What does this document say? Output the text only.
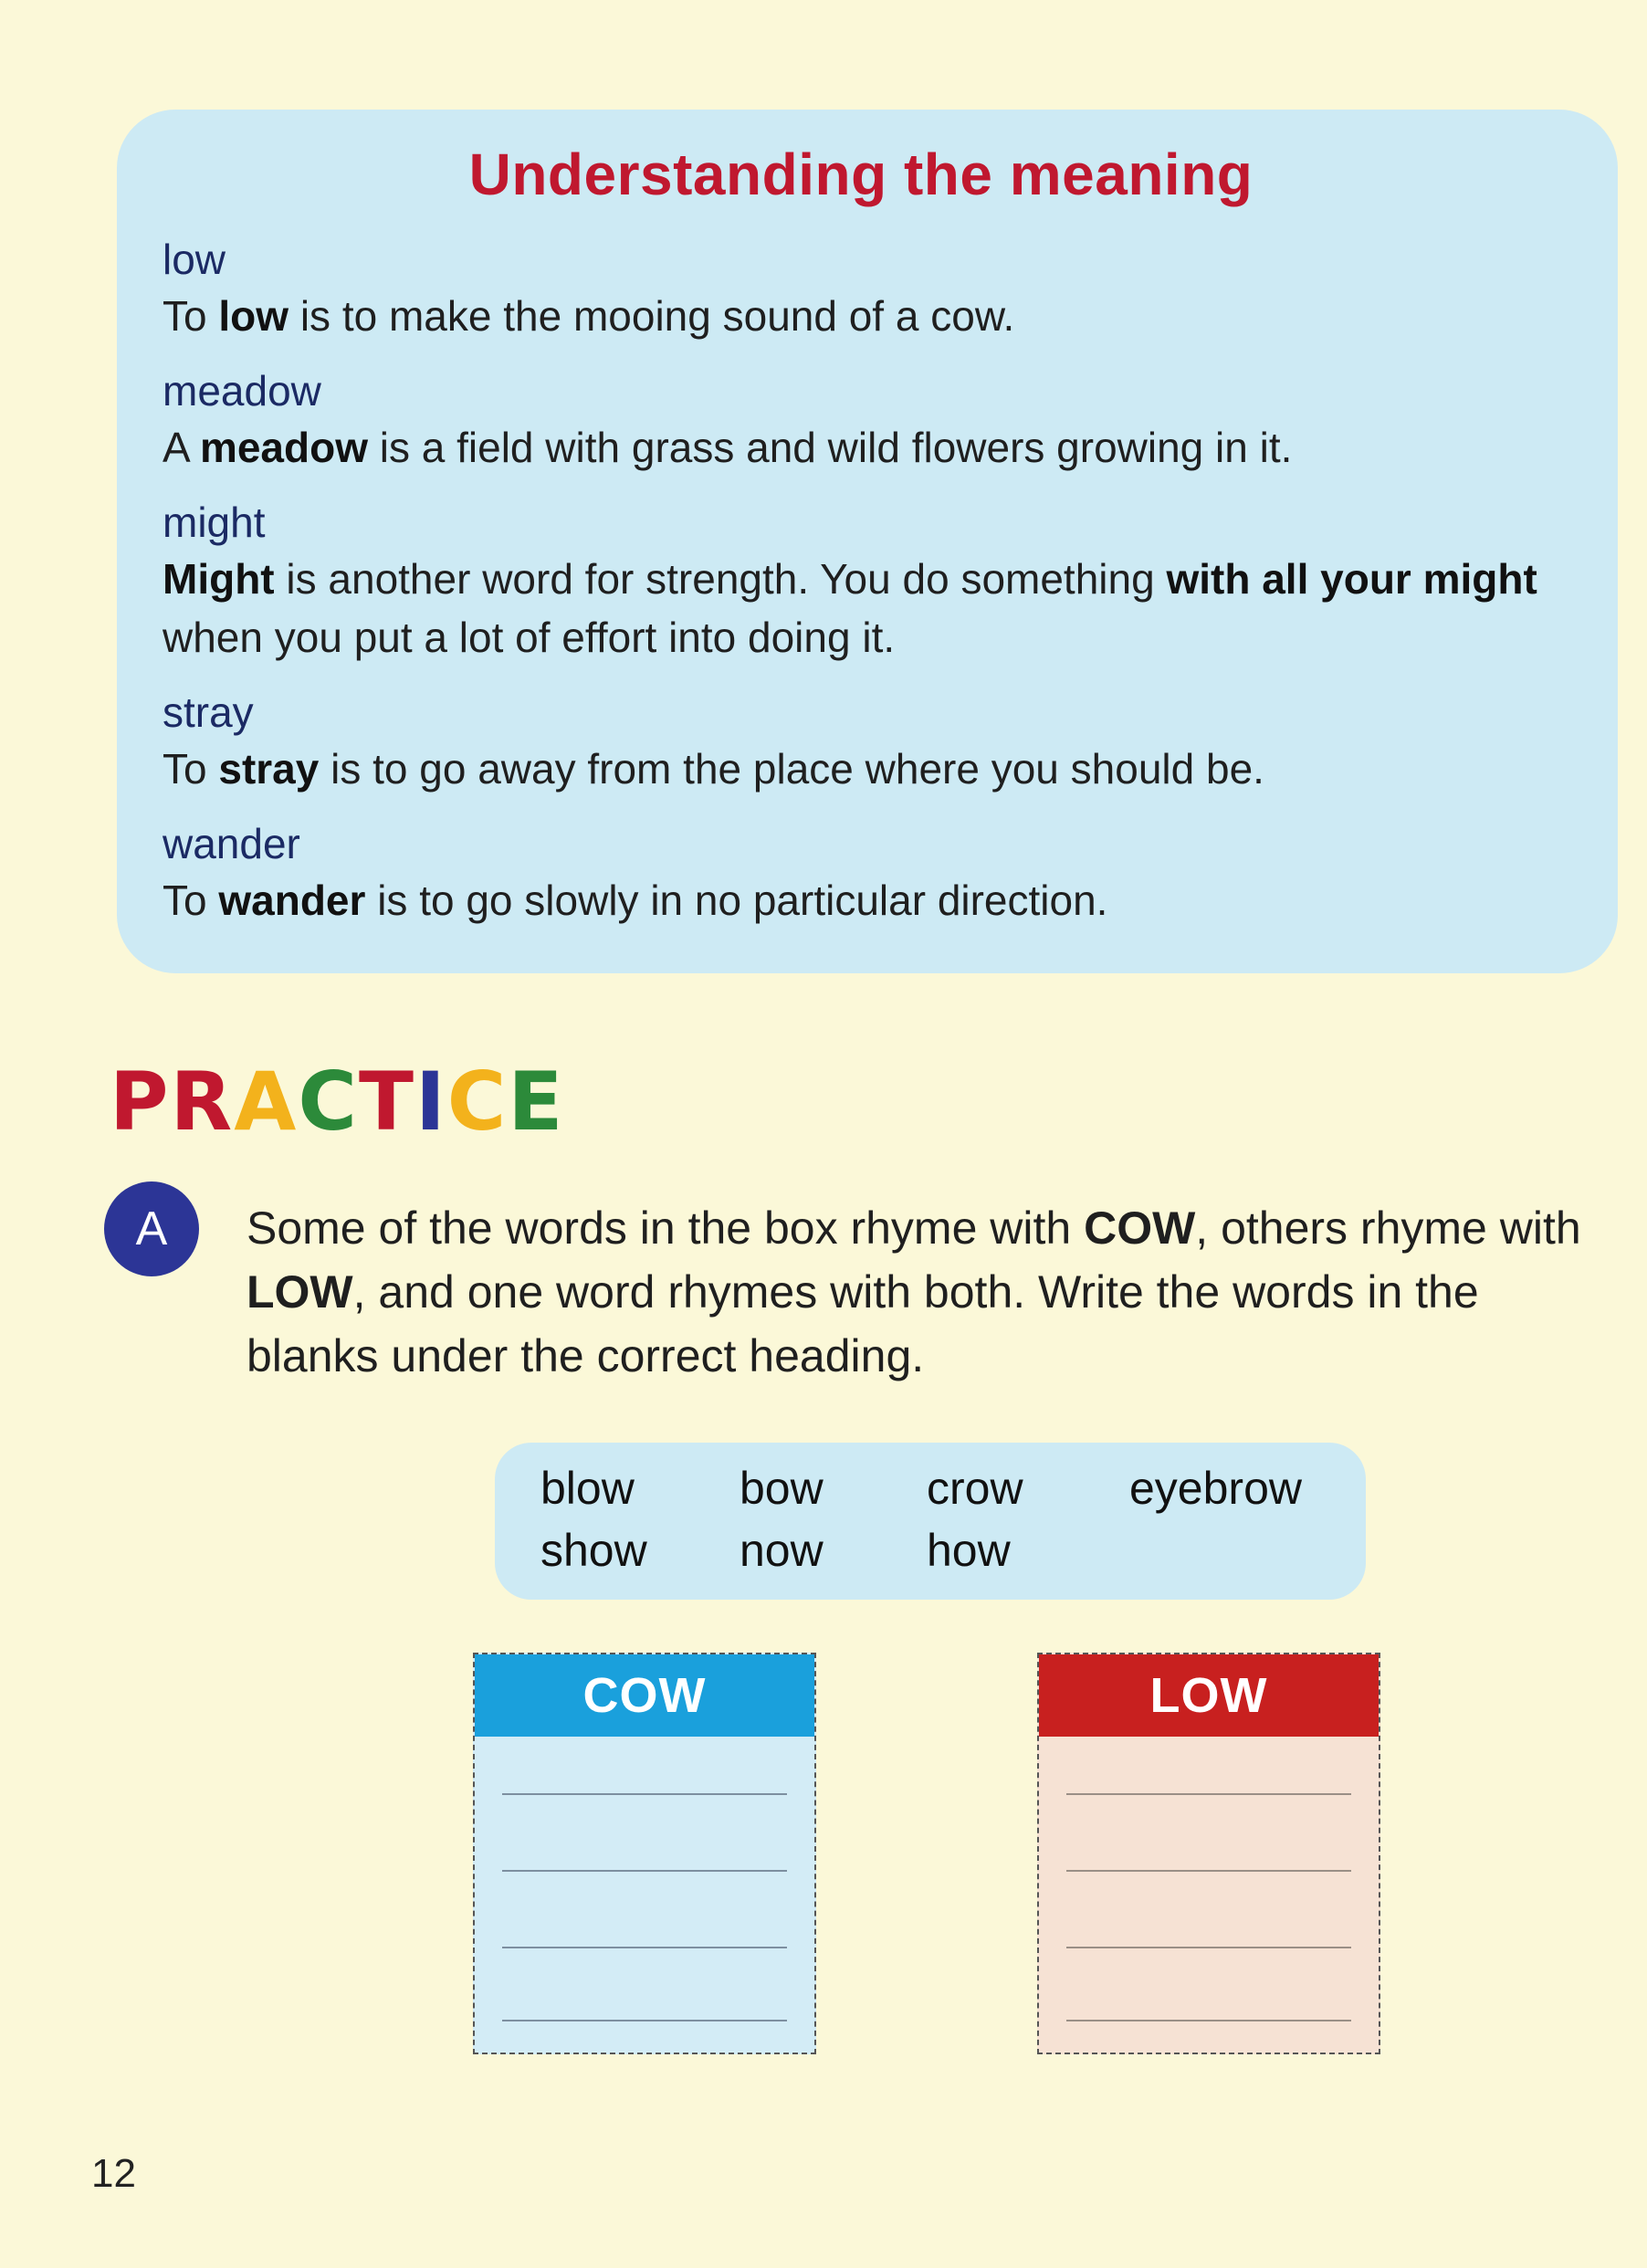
Understanding the meaning
low
To low is to make the mooing sound of a cow.
meadow
A meadow is a field with grass and wild flowers growing in it.
might
Might is another word for strength. You do something with all your might when you put a lot of effort into doing it.
stray
To stray is to go away from the place where you should be.
wander
To wander is to go slowly in no particular direction.
PRACTICE
A	Some of the words in the box rhyme with COW, others rhyme with LOW, and one word rhymes with both. Write the words in the blanks under the correct heading.
blow	bow	crow	eyebrow
show	now	how
COW	LOW
12
